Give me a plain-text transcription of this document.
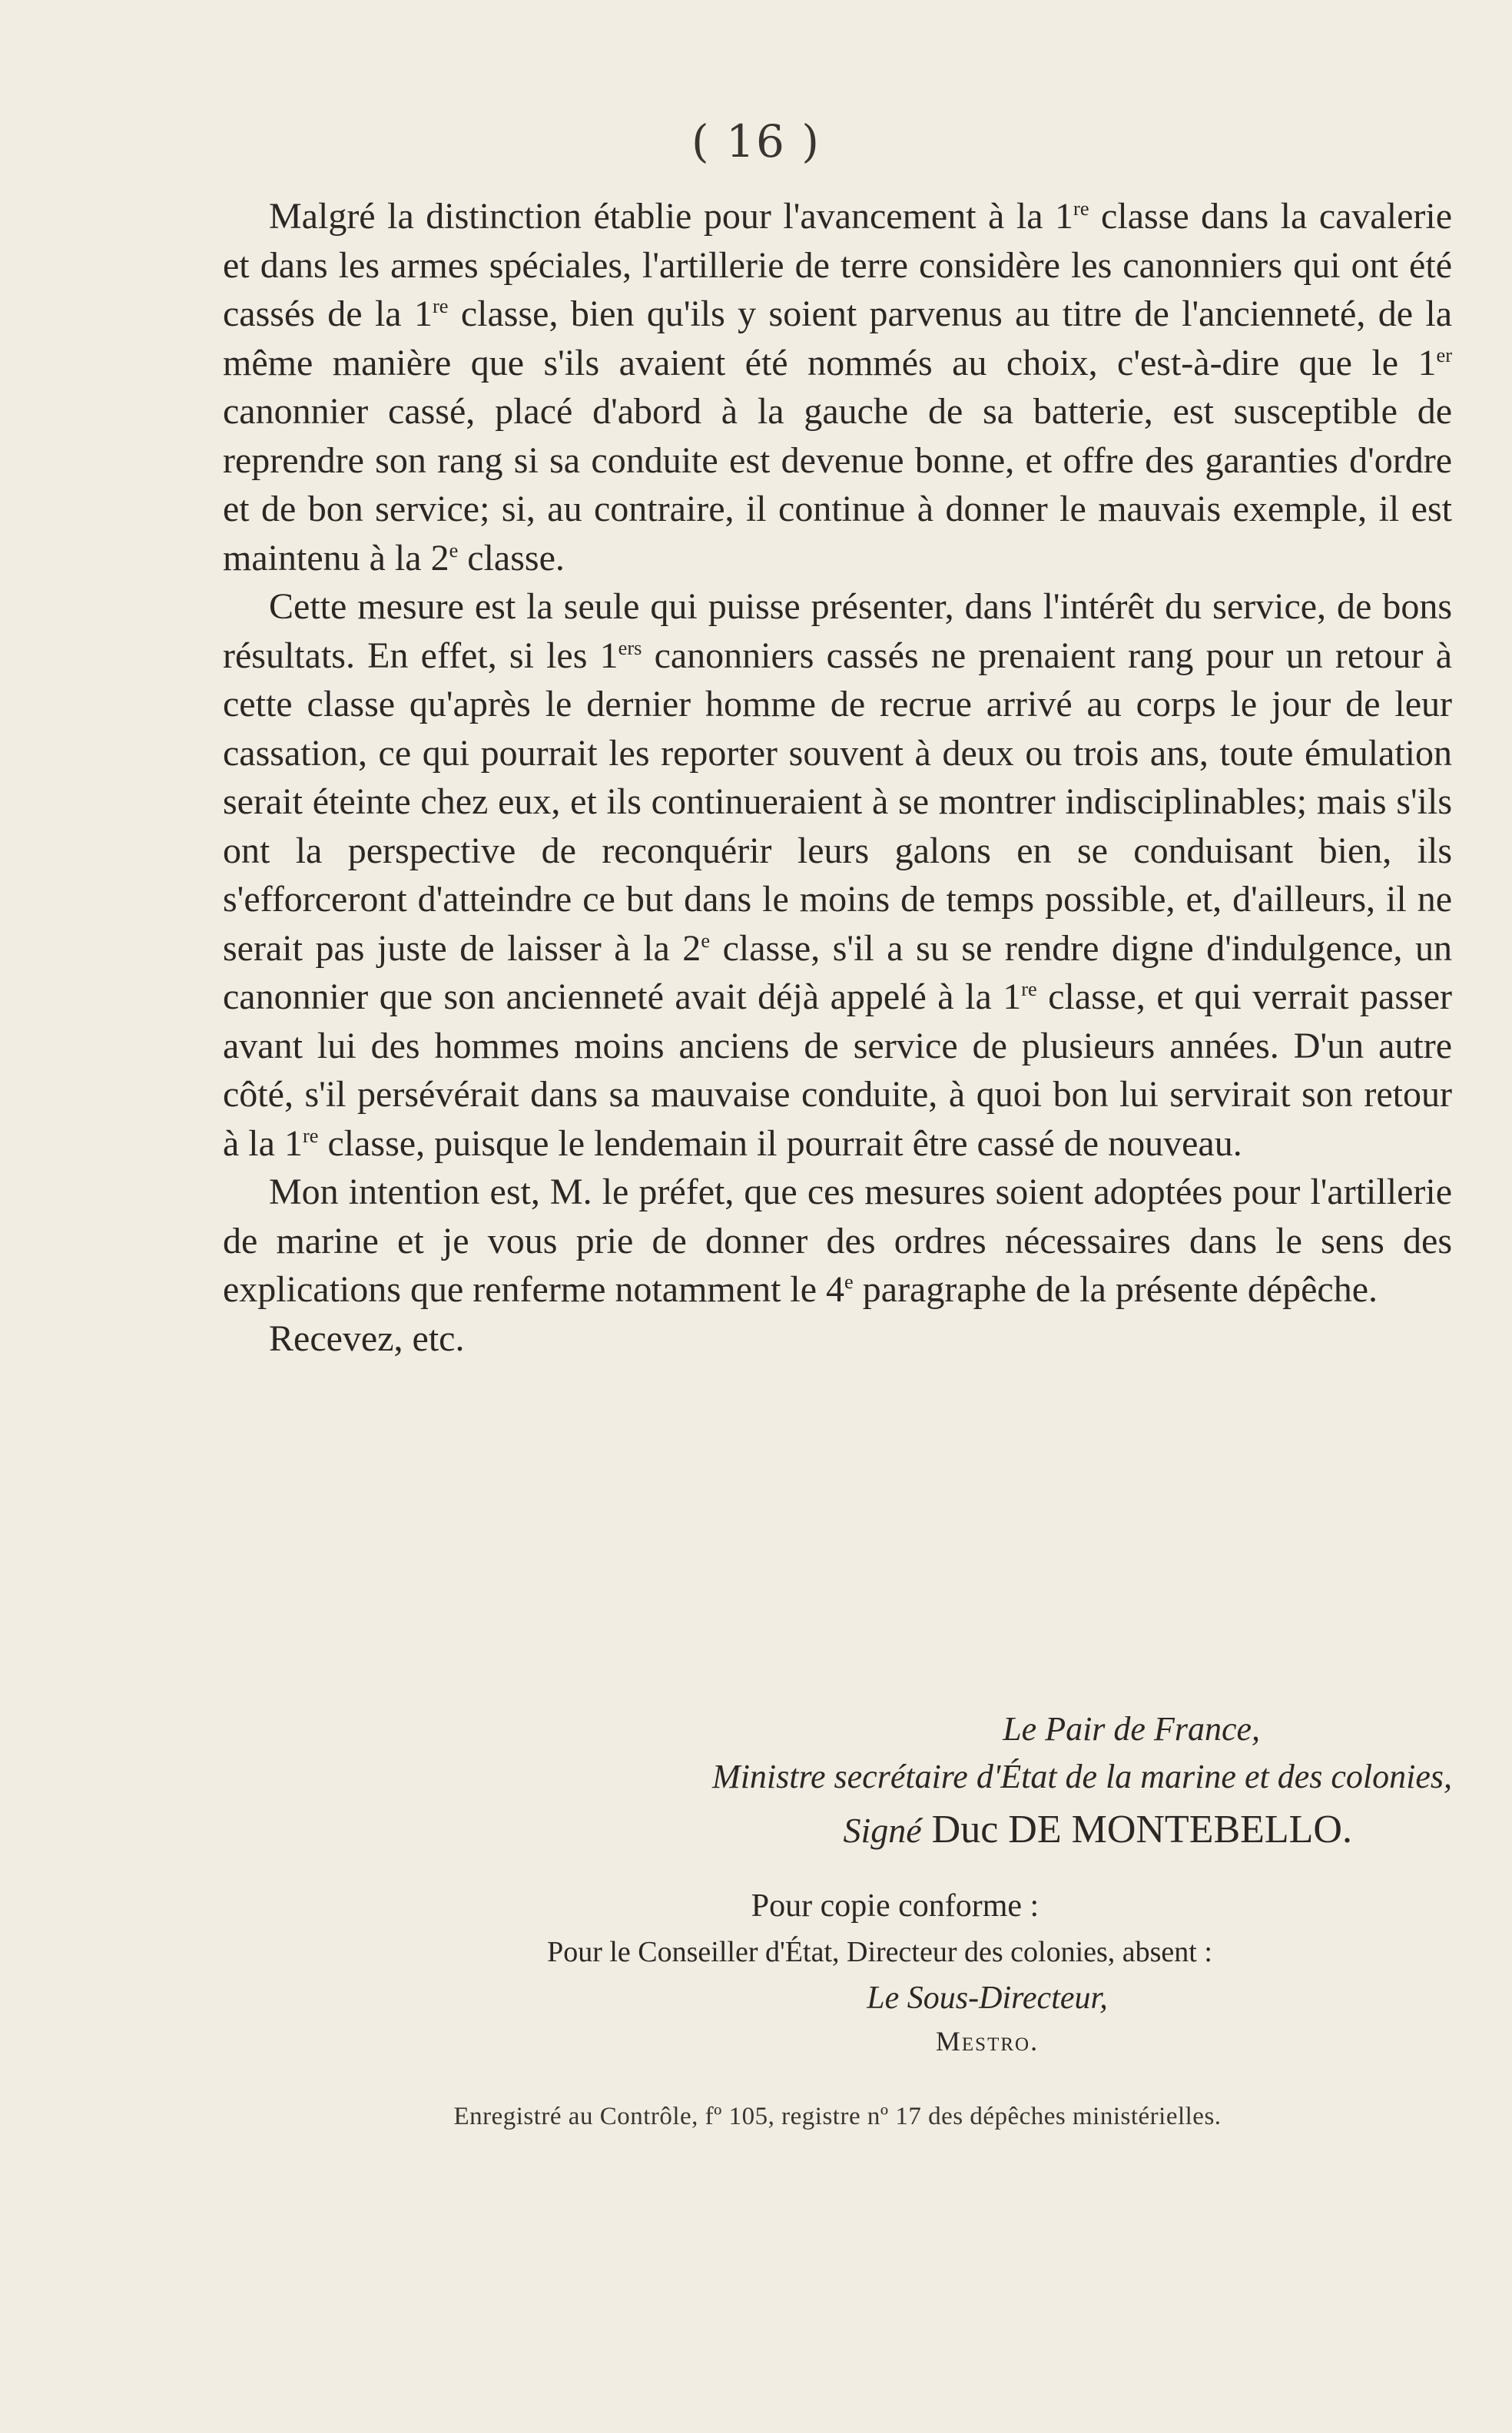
( 16 )

Malgré la distinction établie pour l'avancement à la 1re classe dans la cavalerie et dans les armes spéciales, l'artillerie de terre considère les canonniers qui ont été cassés de la 1re classe, bien qu'ils y soient parvenus au titre de l'ancienneté, de la même manière que s'ils avaient été nommés au choix, c'est-à-dire que le 1er canonnier cassé, placé d'abord à la gauche de sa batterie, est susceptible de reprendre son rang si sa conduite est devenue bonne, et offre des garanties d'ordre et de bon service; si, au contraire, il continue à donner le mauvais exemple, il est maintenu à la 2e classe.

Cette mesure est la seule qui puisse présenter, dans l'intérêt du service, de bons résultats. En effet, si les 1ers canonniers cassés ne prenaient rang pour un retour à cette classe qu'après le dernier homme de recrue arrivé au corps le jour de leur cassation, ce qui pourrait les reporter souvent à deux ou trois ans, toute émulation serait éteinte chez eux, et ils continueraient à se montrer indisciplinables; mais s'ils ont la perspective de reconquérir leurs galons en se conduisant bien, ils s'efforceront d'atteindre ce but dans le moins de temps possible, et, d'ailleurs, il ne serait pas juste de laisser à la 2e classe, s'il a su se rendre digne d'indulgence, un canonnier que son ancienneté avait déjà appelé à la 1re classe, et qui verrait passer avant lui des hommes moins anciens de service de plusieurs années. D'un autre côté, s'il persévérait dans sa mauvaise conduite, à quoi bon lui servirait son retour à la 1re classe, puisque le lendemain il pourrait être cassé de nouveau.

Mon intention est, M. le préfet, que ces mesures soient adoptées pour l'artillerie de marine et je vous prie de donner des ordres nécessaires dans le sens des explications que renferme notamment le 4e paragraphe de la présente dépêche.

Recevez, etc.

Le Pair de France,
Ministre secrétaire d'État de la marine et des colonies,
Signé Duc DE MONTEBELLO.
Pour copie conforme :
Pour le Conseiller d'État, Directeur des colonies, absent :
Le Sous-Directeur,
Mestro.
Enregistré au Contrôle, fº 105, registre nº 17 des dépêches ministérielles.
